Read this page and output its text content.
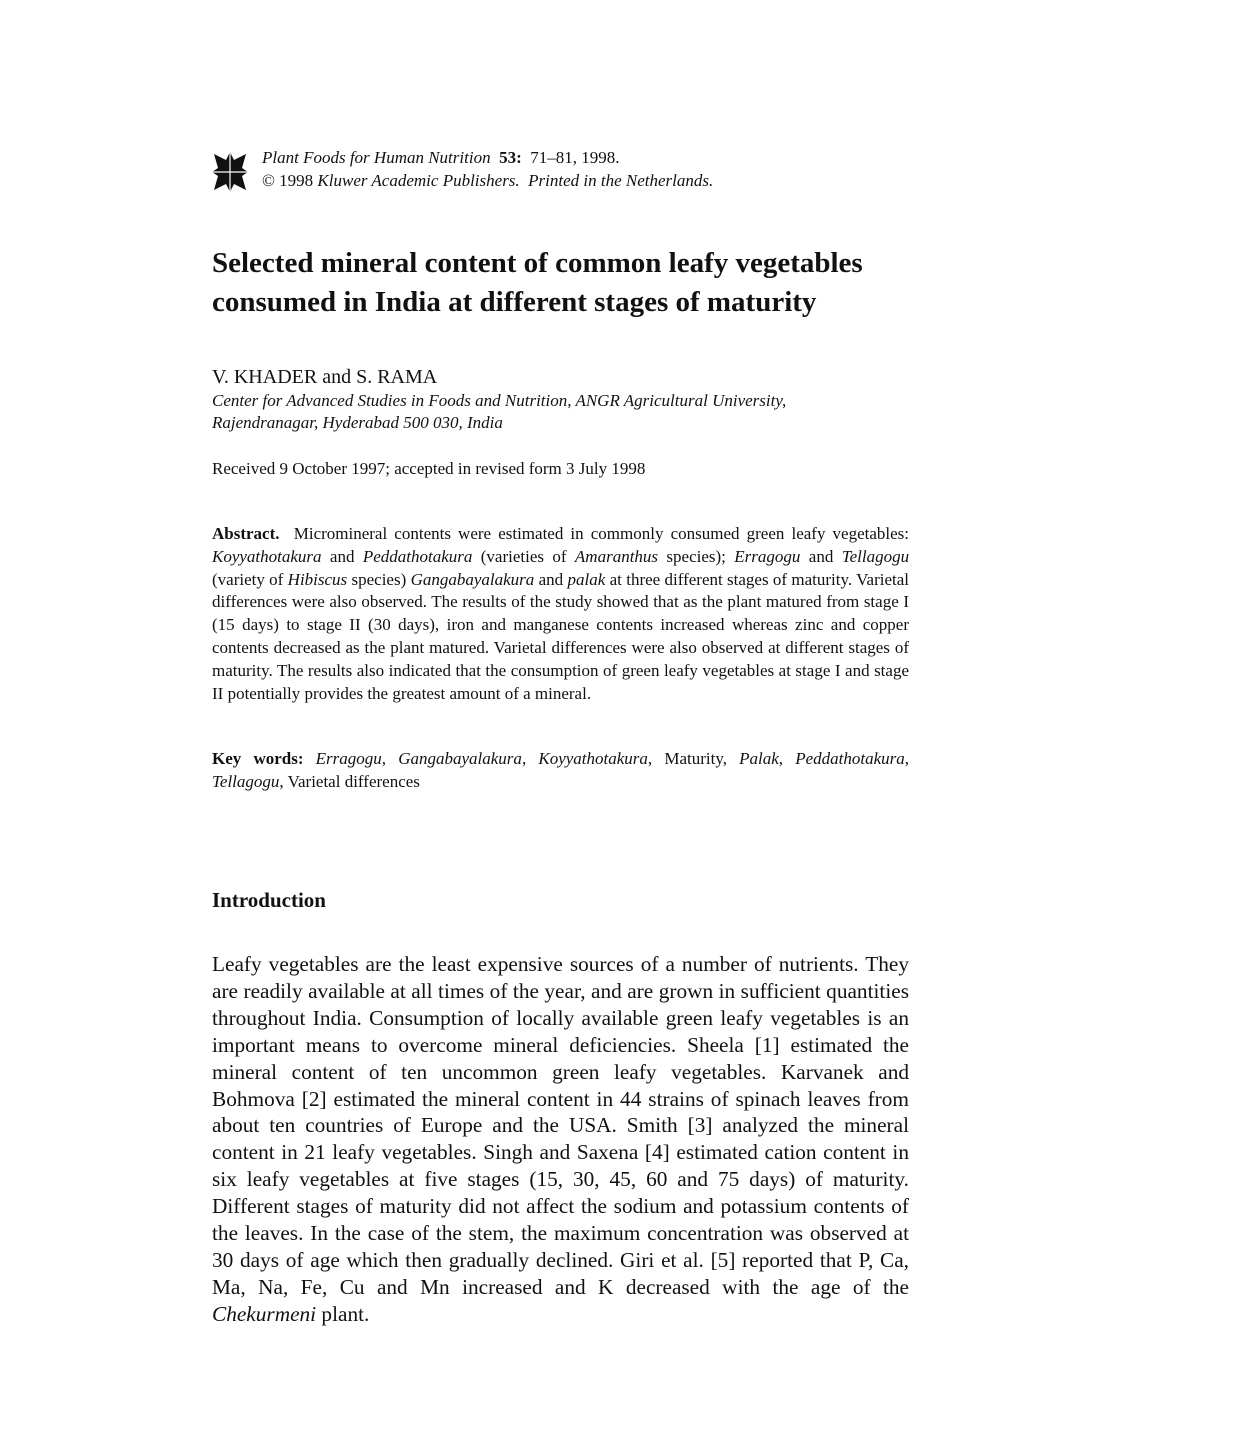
Plant Foods for Human Nutrition 53: 71–81, 1998.
© 1998 Kluwer Academic Publishers. Printed in the Netherlands.
Selected mineral content of common leafy vegetables
consumed in India at different stages of maturity
V. KHADER and S. RAMA
Center for Advanced Studies in Foods and Nutrition, ANGR Agricultural University,
Rajendranagar, Hyderabad 500 030, India
Received 9 October 1997; accepted in revised form 3 July 1998

Abstract. Micromineral contents were estimated in commonly consumed green leafy vegetables: Koyyathotakura and Peddathotakura (varieties of Amaranthus species); Erragogu and Tellagogu (variety of Hibiscus species) Gangabayalakura and palak at three different stages of maturity. Varietal differences were also observed. The results of the study showed that as the plant matured from stage I (15 days) to stage II (30 days), iron and manganese contents increased whereas zinc and copper contents decreased as the plant matured. Varietal differences were also observed at different stages of maturity. The results also indicated that the consumption of green leafy vegetables at stage I and stage II potentially provides the greatest amount of a mineral.

Key words: Erragogu, Gangabayalakura, Koyyathotakura, Maturity, Palak, Peddathotakura, Tellagogu, Varietal differences

Introduction

Leafy vegetables are the least expensive sources of a number of nutrients. They are readily available at all times of the year, and are grown in sufficient quantities throughout India. Consumption of locally available green leafy vegetables is an important means to overcome mineral deficiencies. Sheela [1] estimated the mineral content of ten uncommon green leafy vegetables. Karvanek and Bohmova [2] estimated the mineral content in 44 strains of spinach leaves from about ten countries of Europe and the USA. Smith [3] analyzed the mineral content in 21 leafy vegetables. Singh and Saxena [4] estimated cation content in six leafy vegetables at five stages (15, 30, 45, 60 and 75 days) of maturity. Different stages of maturity did not affect the sodium and potassium contents of the leaves. In the case of the stem, the maximum concentration was observed at 30 days of age which then gradually declined. Giri et al. [5] reported that P, Ca, Ma, Na, Fe, Cu and Mn increased and K decreased with the age of the Chekurmeni plant.
